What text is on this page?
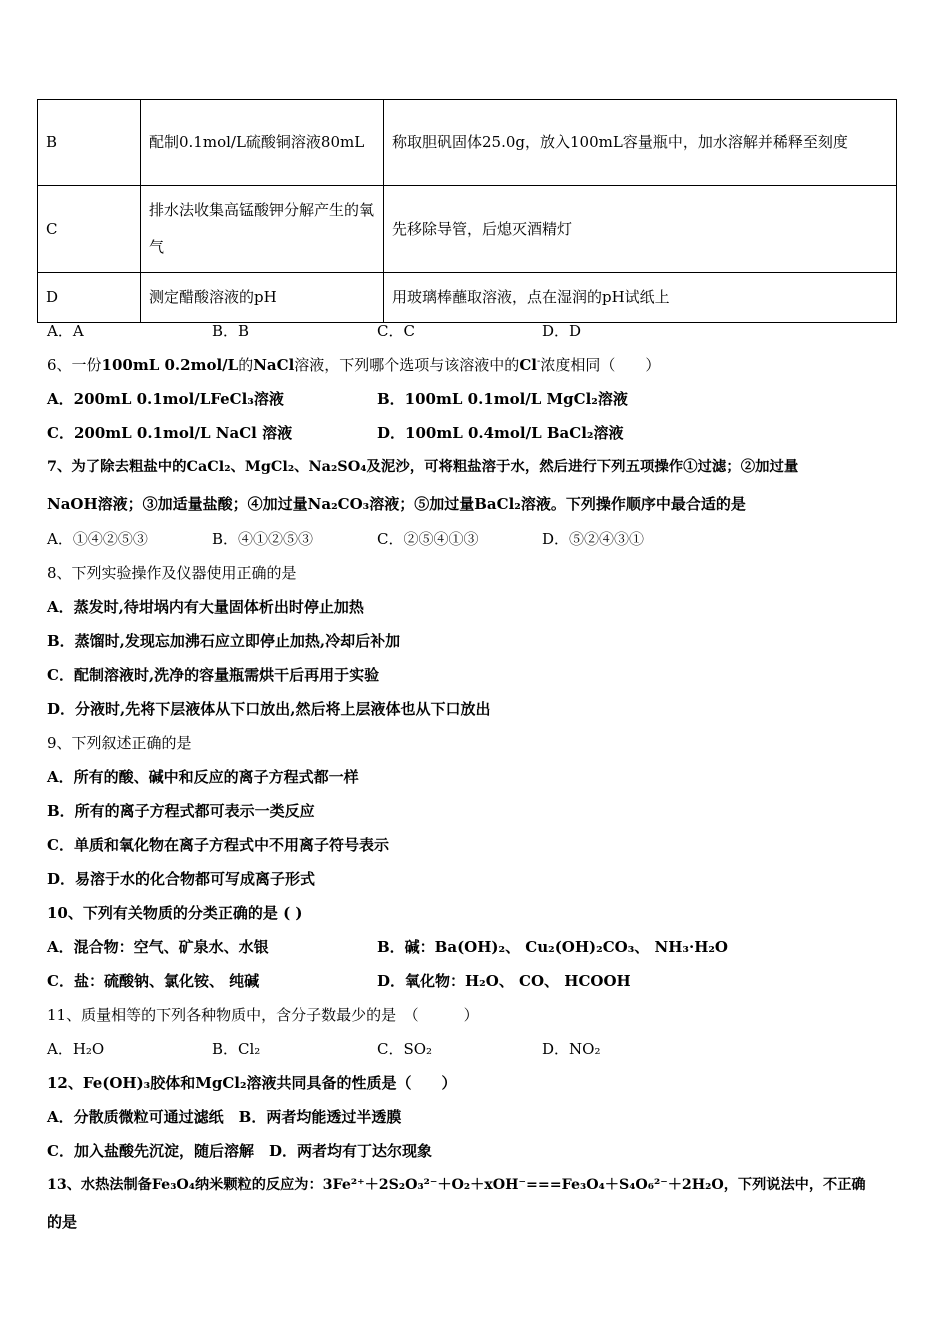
B	配制0.1mol/L硫酸铜溶液80mL	称取胆矾固体25.0g，放入100mL容量瓶中，加水溶解并稀释至刻度
C	排水法收集高锰酸钾分解产生的氧气	先移除导管，后熄灭酒精灯
D	测定醋酸溶液的pH	用玻璃棒蘸取溶液，点在湿润的pH试纸上
A．A	B．B	C．C	D．D
6、一份100mL 0.2mol/L的NaCl溶液，下列哪个选项与该溶液中的Cl-浓度相同（　　）
A．200mL 0.1mol/LFeCl₃溶液	B．100mL 0.1mol/L MgCl₂溶液
C．200mL 0.1mol/L NaCl 溶液	D．100mL 0.4mol/L BaCl₂溶液
7、为了除去粗盐中的CaCl₂、MgCl₂、Na₂SO₄及泥沙，可将粗盐溶于水，然后进行下列五项操作①过滤；②加过量
NaOH溶液；③加适量盐酸；④加过量Na₂CO₃溶液；⑤加过量BaCl₂溶液。下列操作顺序中最合适的是
A．①④②⑤③	B．④①②⑤③	C．②⑤④①③	D．⑤②④③①
8、下列实验操作及仪器使用正确的是
A．蒸发时,待坩埚内有大量固体析出时停止加热
B．蒸馏时,发现忘加沸石应立即停止加热,冷却后补加
C．配制溶液时,洗净的容量瓶需烘干后再用于实验
D．分液时,先将下层液体从下口放出,然后将上层液体也从下口放出
9、下列叙述正确的是
A．所有的酸、碱中和反应的离子方程式都一样
B．所有的离子方程式都可表示一类反应
C．单质和氧化物在离子方程式中不用离子符号表示
D．易溶于水的化合物都可写成离子形式
10、下列有关物质的分类正确的是 ( )
A．混合物：空气、矿泉水、水银	B．碱：Ba(OH)₂、 Cu₂(OH)₂CO₃、 NH₃·H₂O
C．盐：硫酸钠、氯化铵、 纯碱	D．氧化物：H₂O、 CO、 HCOOH
11、质量相等的下列各种物质中，含分子数最少的是　（　　　）
A．H₂O	B．Cl₂	C．SO₂	D．NO₂
12、Fe(OH)₃胶体和MgCl₂溶液共同具备的性质是（　　）
A．分散质微粒可通过滤纸　B．两者均能透过半透膜
C．加入盐酸先沉淀，随后溶解　D．两者均有丁达尔现象
13、水热法制备Fe₃O₄纳米颗粒的反应为：3Fe²⁺＋2S₂O₃²⁻＋O₂＋xOH⁻===Fe₃O₄＋S₄O₆²⁻＋2H₂O，下列说法中，不正确
的是
